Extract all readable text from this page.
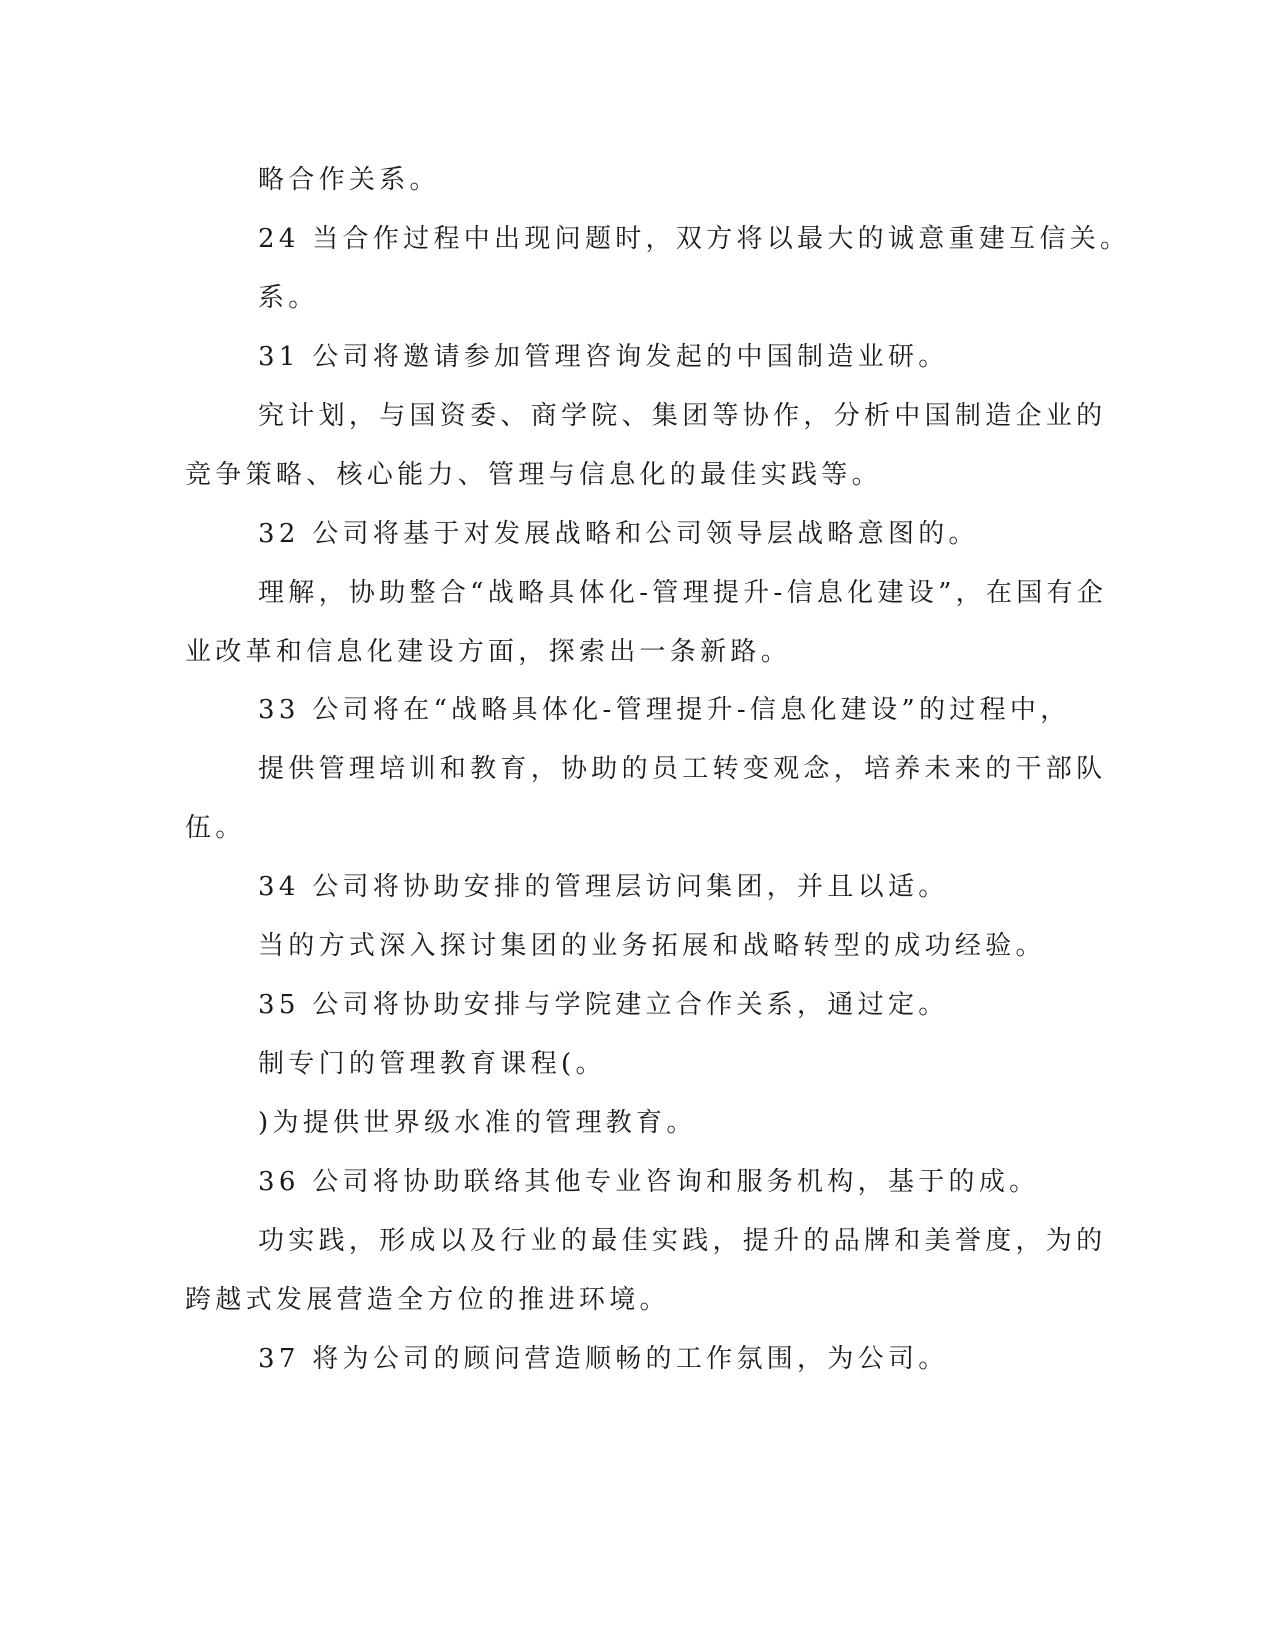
略合作关系。
24 当合作过程中出现问题时，双方将以最大的诚意重建互信关。
系。
31 公司将邀请参加管理咨询发起的中国制造业研。
究计划，与国资委、商学院、集团等协作，分析中国制造企业的
竞争策略、核心能力、管理与信息化的最佳实践等。
32 公司将基于对发展战略和公司领导层战略意图的。
理解，协助整合“战略具体化-管理提升-信息化建设”，在国有企
业改革和信息化建设方面，探索出一条新路。
33 公司将在“战略具体化-管理提升-信息化建设”的过程中，
提供管理培训和教育，协助的员工转变观念，培养未来的干部队
伍。
34 公司将协助安排的管理层访问集团，并且以适。
当的方式深入探讨集团的业务拓展和战略转型的成功经验。
35 公司将协助安排与学院建立合作关系，通过定。
制专门的管理教育课程(。
)为提供世界级水准的管理教育。
36 公司将协助联络其他专业咨询和服务机构，基于的成。
功实践，形成以及行业的最佳实践，提升的品牌和美誉度，为的
跨越式发展营造全方位的推进环境。
37 将为公司的顾问营造顺畅的工作氛围，为公司。
